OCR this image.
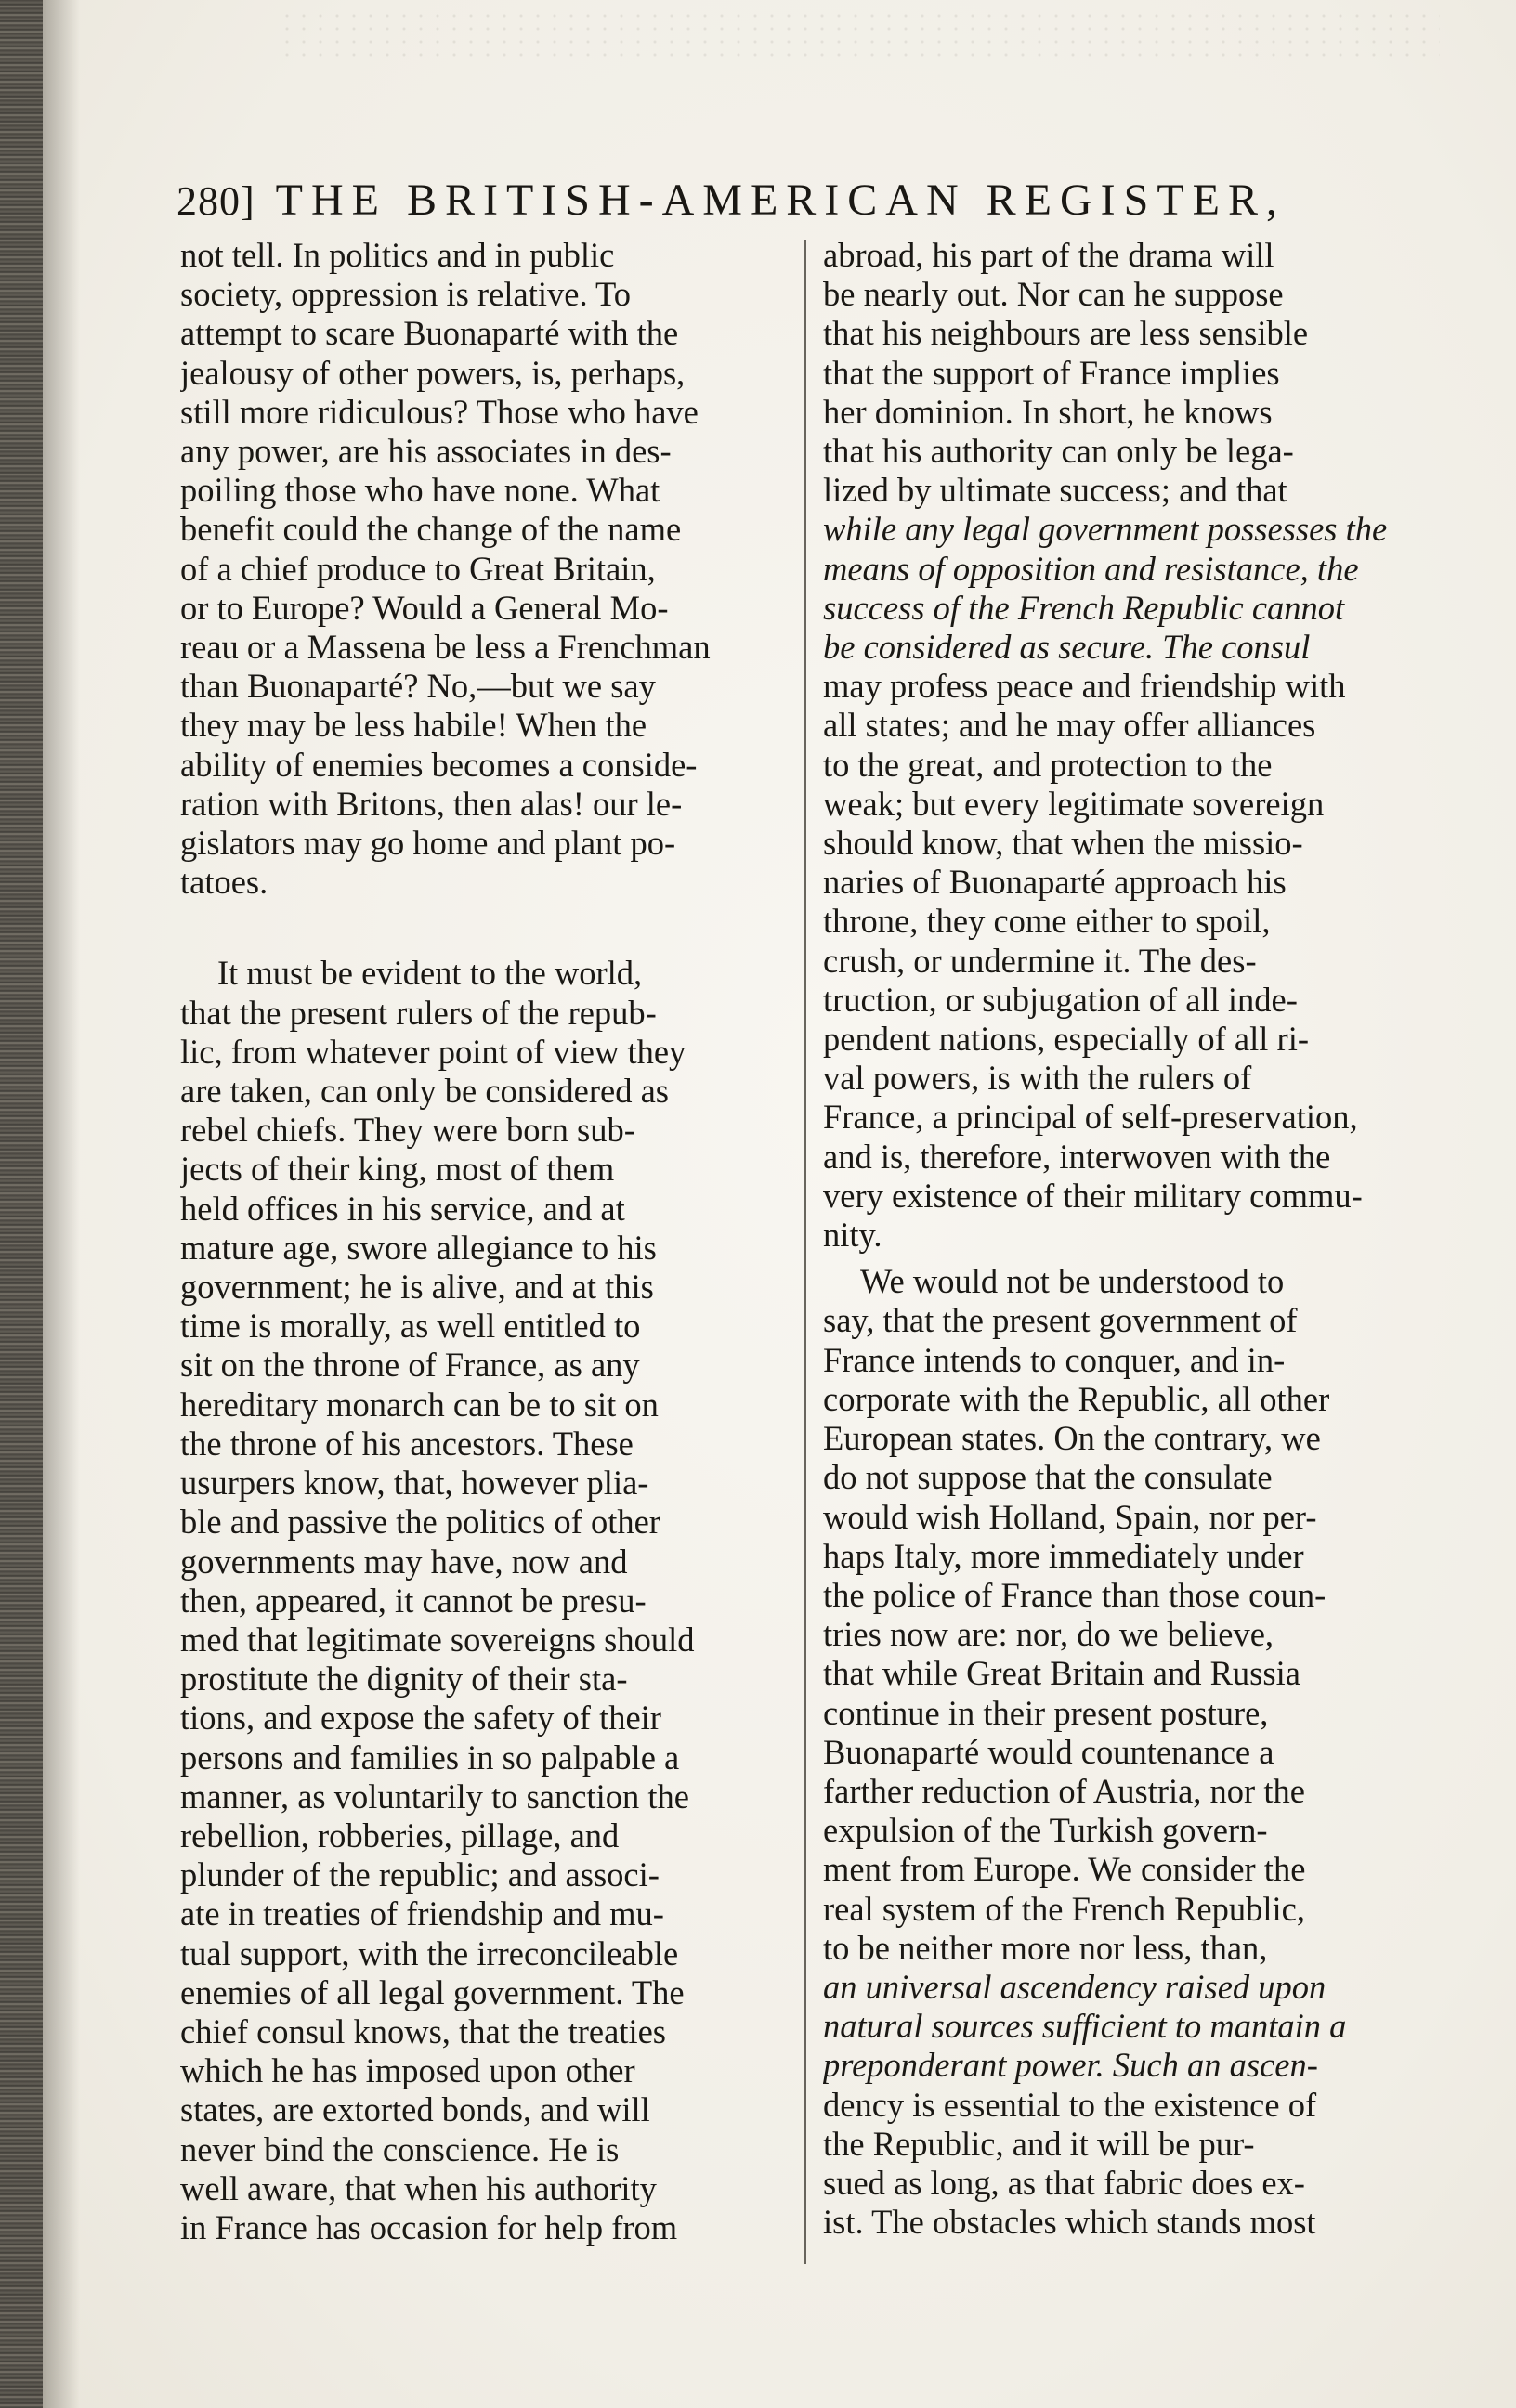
280] THE BRITISH-AMERICAN REGISTER,
not tell. In politics and in public
society, oppression is relative. To
attempt to scare Buonaparté with the
jealousy of other powers, is, perhaps,
still more ridiculous? Those who have
any power, are his associates in des-
poiling those who have none. What
benefit could the change of the name
of a chief produce to Great Britain,
or to Europe? Would a General Mo-
reau or a Massena be less a Frenchman
than Buonaparté? No,—but we say
they may be less habile! When the
ability of enemies becomes a conside-
ration with Britons, then alas! our le-
gislators may go home and plant po-
tatoes.
It must be evident to the world,
that the present rulers of the repub-
lic, from whatever point of view they
are taken, can only be considered as
rebel chiefs. They were born sub-
jects of their king, most of them
held offices in his service, and at
mature age, swore allegiance to his
government; he is alive, and at this
time is morally, as well entitled to
sit on the throne of France, as any
hereditary monarch can be to sit on
the throne of his ancestors. These
usurpers know, that, however plia-
ble and passive the politics of other
governments may have, now and
then, appeared, it cannot be presu-
med that legitimate sovereigns should
prostitute the dignity of their sta-
tions, and expose the safety of their
persons and families in so palpable a
manner, as voluntarily to sanction the
rebellion, robberies, pillage, and
plunder of the republic; and associ-
ate in treaties of friendship and mu-
tual support, with the irreconcileable
enemies of all legal government. The
chief consul knows, that the treaties
which he has imposed upon other
states, are extorted bonds, and will
never bind the conscience. He is
well aware, that when his authority
in France has occasion for help from
abroad, his part of the drama will
be nearly out. Nor can he suppose
that his neighbours are less sensible
that the support of France implies
her dominion. In short, he knows
that his authority can only be lega-
lized by ultimate success; and that
while any legal government possesses the
means of opposition and resistance, the
success of the French Republic cannot
be considered as secure. The consul
may profess peace and friendship with
all states; and he may offer alliances
to the great, and protection to the
weak; but every legitimate sovereign
should know, that when the missio-
naries of Buonaparté approach his
throne, they come either to spoil,
crush, or undermine it. The des-
truction, or subjugation of all inde-
pendent nations, especially of all ri-
val powers, is with the rulers of
France, a principal of self-preservation,
and is, therefore, interwoven with the
very existence of their military commu-
nity.
We would not be understood to
say, that the present government of
France intends to conquer, and in-
corporate with the Republic, all other
European states. On the contrary, we
do not suppose that the consulate
would wish Holland, Spain, nor per-
haps Italy, more immediately under
the police of France than those coun-
tries now are: nor, do we believe,
that while Great Britain and Russia
continue in their present posture,
Buonaparté would countenance a
farther reduction of Austria, nor the
expulsion of the Turkish govern-
ment from Europe. We consider the
real system of the French Republic,
to be neither more nor less, than,
an universal ascendency raised upon
natural sources sufficient to mantain a
preponderant power. Such an ascen-
dency is essential to the existence of
the Republic, and it will be pur-
sued as long, as that fabric does ex-
ist. The obstacles which stands most
